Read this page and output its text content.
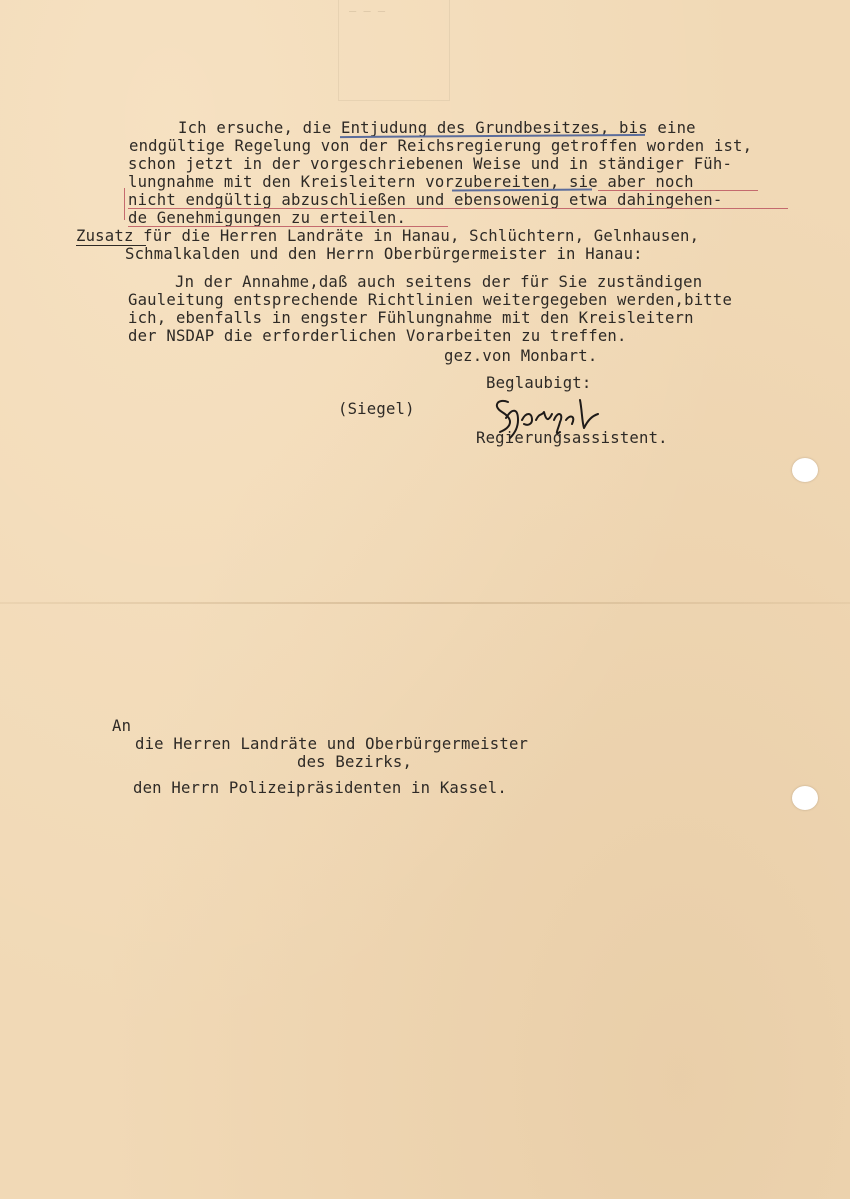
— — —

Ich ersuche, die Entjudung des Grundbesitzes, bis eine
endgültige Regelung von der Reichsregierung getroffen worden ist,
schon jetzt in der vorgeschriebenen Weise und in ständiger Füh-
lungnahme mit den Kreisleitern vorzubereiten, sie aber noch
nicht endgültig abzuschließen und ebensowenig etwa dahingehen-
de Genehmigungen zu erteilen.
Zusatz für die Herren Landräte in Hanau, Schlüchtern, Gelnhausen,
Schmalkalden und den Herrn Oberbürgermeister in Hanau:
Jn der Annahme,daß auch seitens der für Sie zuständigen
Gauleitung entsprechende Richtlinien weitergegeben werden,bitte
ich, ebenfalls in engster Fühlungnahme mit den Kreisleitern
der NSDAP die erforderlichen Vorarbeiten zu treffen.
gez.von Monbart.
Beglaubigt:
(Siegel)
Regierungsassistent.
An
die Herren Landräte und Oberbürgermeister
des Bezirks,
den Herrn Polizeipräsidenten in Kassel.
